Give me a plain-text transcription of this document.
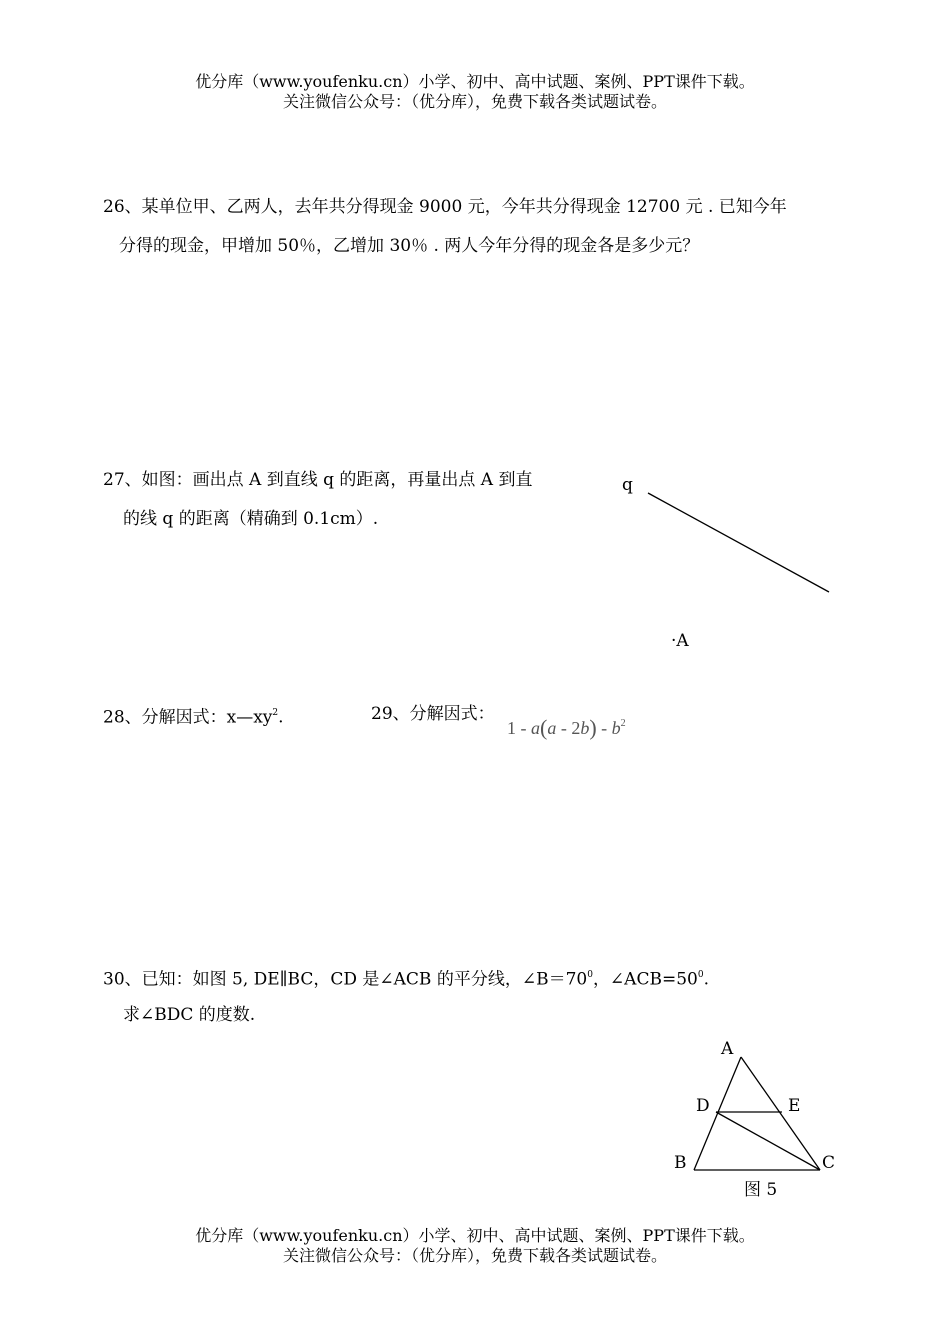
优分库（www.youfenku.cn）小学、初中、高中试题、案例、PPT课件下载。
关注微信公众号：（优分库），免费下载各类试题试卷。
26、某单位甲、乙两人，去年共分得现金 9000 元，今年共分得现金 12700 元 . 已知今年
分得的现金，甲增加 50％，乙增加 30％ . 两人今年分得的现金各是多少元？
27、如图：画出点 A 到直线 q 的距离，再量出点 A 到直
的线 q 的距离（精确到 0.1cm）.
q
·A
28、分解因式：$x—xy^2$.	29、分解因式：
$1 - a(a - 2b) - b^2$
30、已知：如图 5, DE∥BC，CD 是∠ACB 的平分线，$\angle B=70^0$，$\angle ACB=50^0$.
求∠BDC 的度数.
A
D	E
B	C
图 5
优分库（www.youfenku.cn）小学、初中、高中试题、案例、PPT课件下载。
关注微信公众号：（优分库），免费下载各类试题试卷。
